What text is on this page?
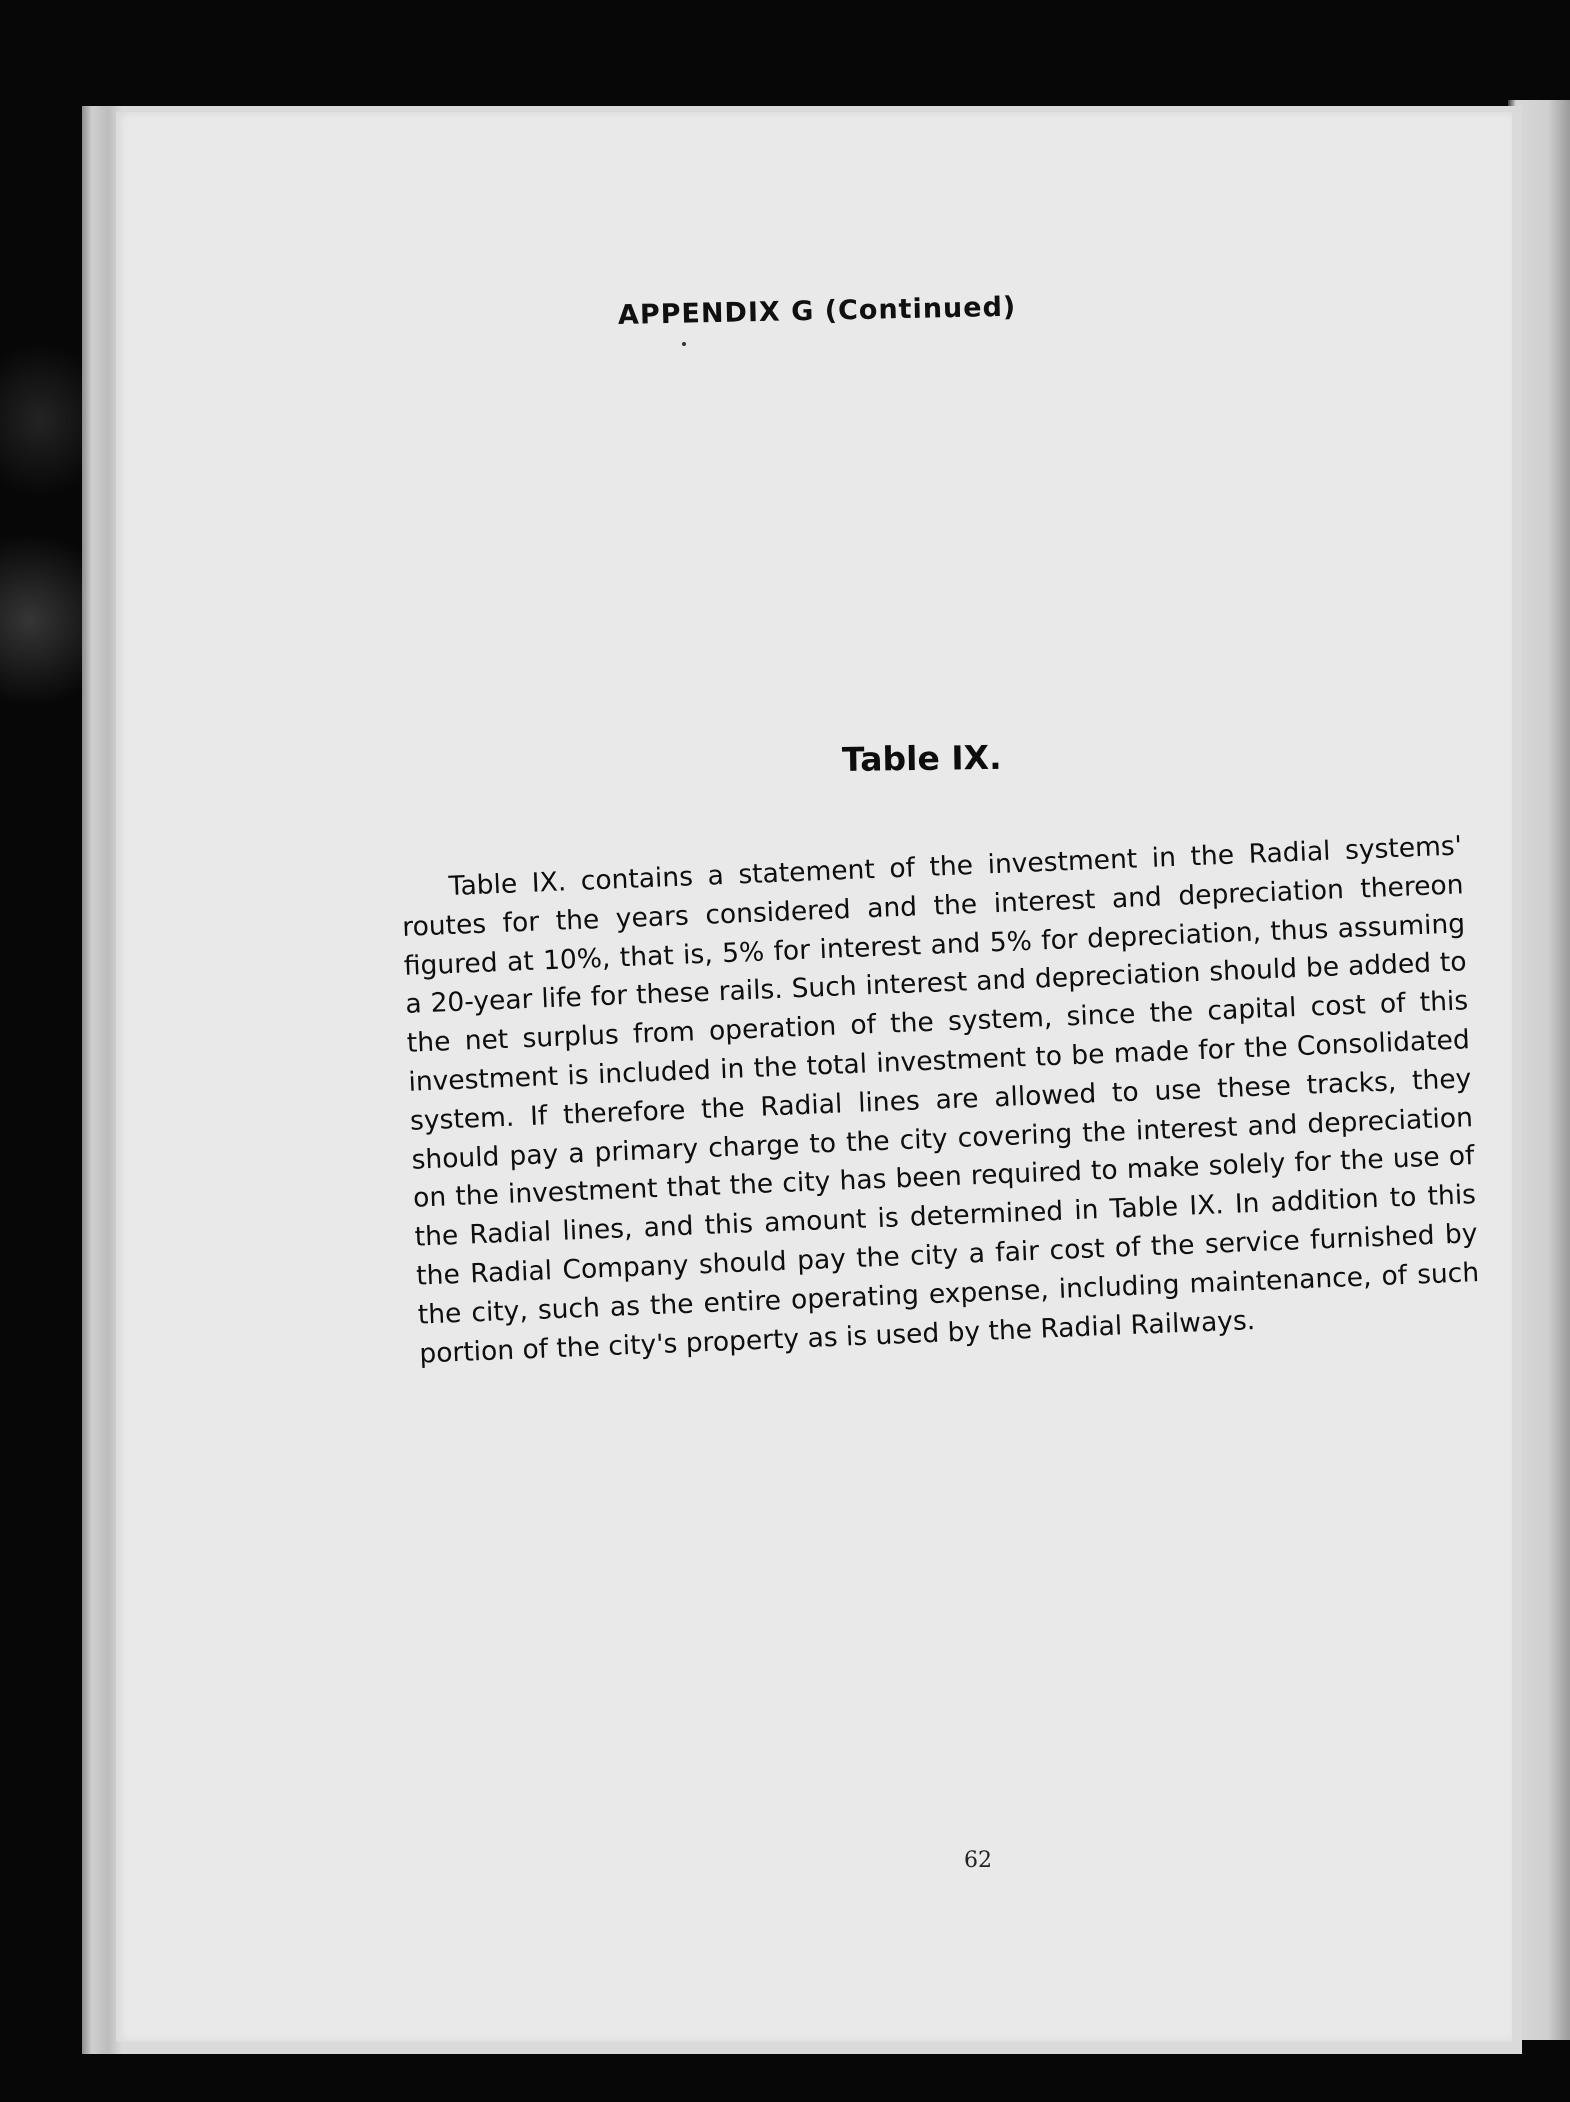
APPENDIX G (Continued)
Table IX.

Table IX. contains a statement of the investment in the Radial systems' routes for the years considered and the interest and depreciation thereon figured at 10%, that is, 5% for interest and 5% for depreciation, thus assuming a 20-year life for these rails. Such interest and depreciation should be added to the net surplus from operation of the system, since the capital cost of this investment is included in the total investment to be made for the Consolidated system. If therefore the Radial lines are allowed to use these tracks, they should pay a primary charge to the city covering the interest and depreciation on the investment that the city has been required to make solely for the use of the Radial lines, and this amount is determined in Table IX. In addition to this the Radial Company should pay the city a fair cost of the service furnished by the city, such as the entire operating expense, including maintenance, of such portion of the city's property as is used by the Radial Railways.

62
